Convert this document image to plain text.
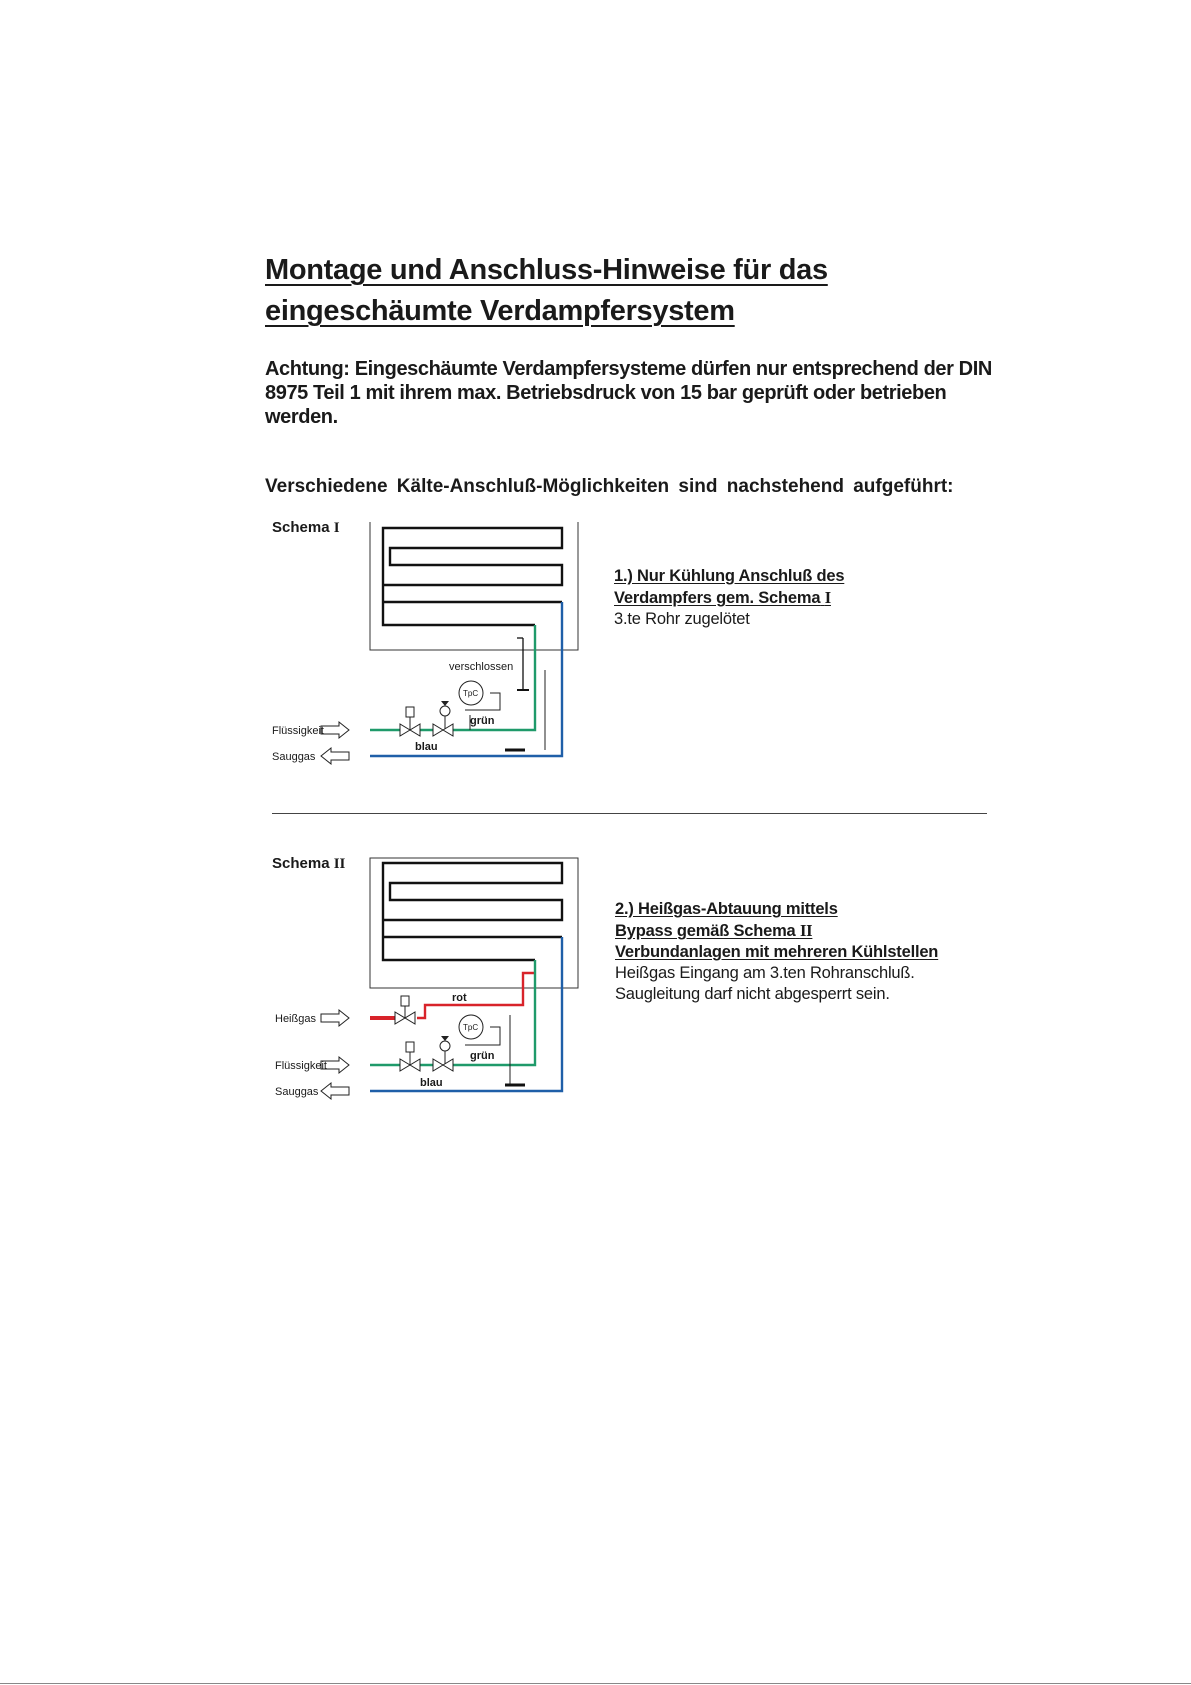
Montage und Anschluss-Hinweise für das
eingeschäumte Verdampfersystem
Achtung: Eingeschäumte Verdampfersysteme dürfen nur entsprechend der DIN 8975 Teil 1 mit ihrem max. Betriebsdruck von 15 bar geprüft oder betrieben werden.
Verschiedene Kälte-Anschluß-Möglichkeiten sind nachstehend aufgeführt:
Schema I
verschlossen
TpC
grün
blau
Flüssigkeit
Sauggas
1.) Nur Kühlung Anschluß des
Verdampfers gem. Schema I
3.te Rohr zugelötet
Schema II
rot
TpC
grün
blau
Heißgas
Flüssigkeit
Sauggas
2.) Heißgas-Abtauung mittels
Bypass gemäß Schema II
Verbundanlagen mit mehreren Kühlstellen
Heißgas Eingang am 3.ten Rohranschluß.
Saugleitung darf nicht abgesperrt sein.
